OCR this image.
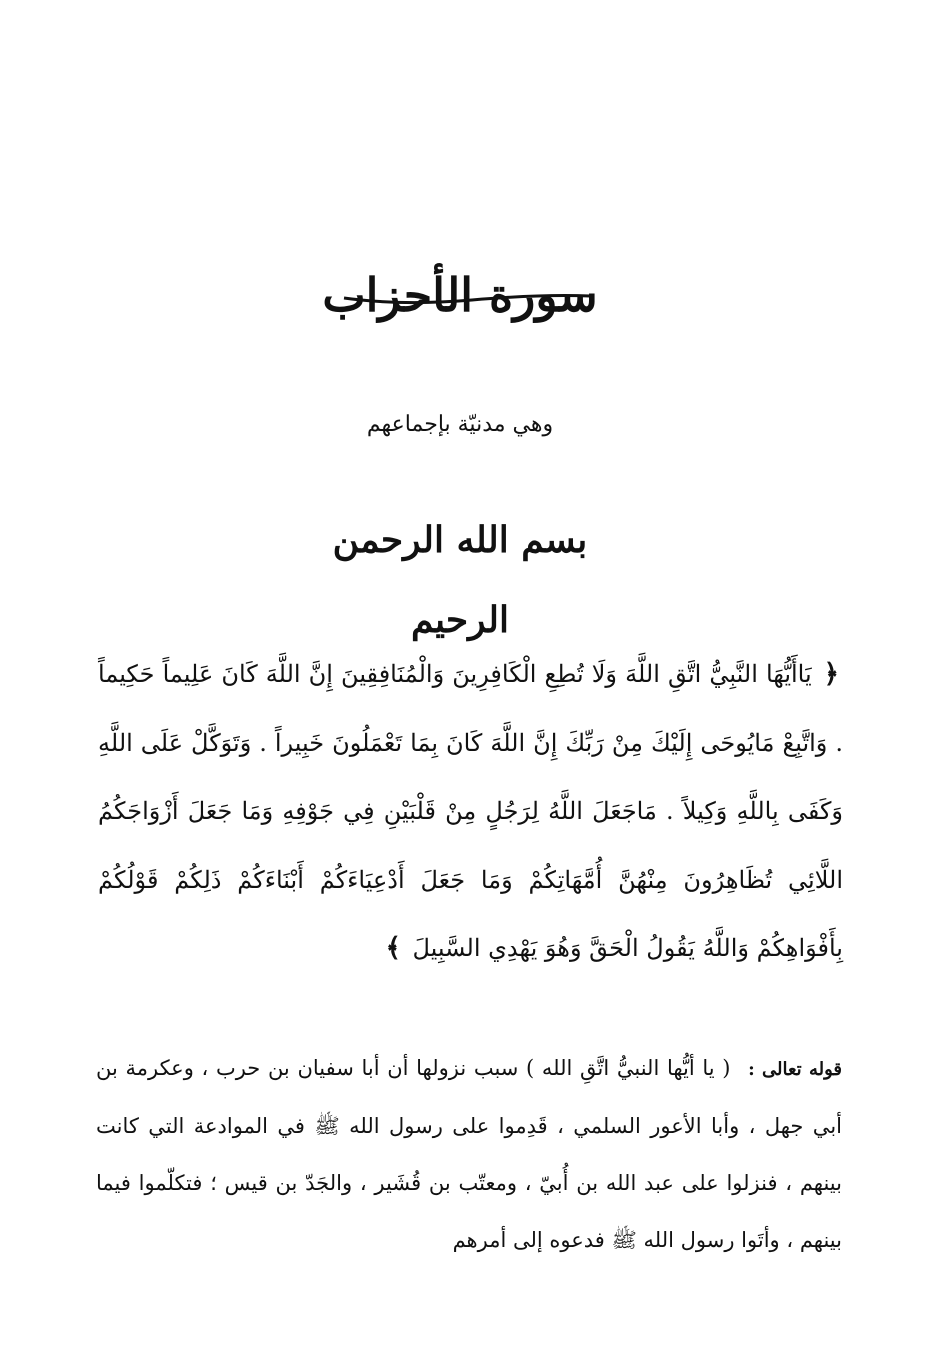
سورة الأحزاب
وهي مدنيّة بإجماعهم
بسم الله الرحمن الرحيم
﴿ يَاأَيُّهَا النَّبِيُّ اتَّقِ اللَّهَ وَلَا تُطِعِ الْكَافِرِينَ وَالْمُنَافِقِينَ إِنَّ اللَّهَ كَانَ عَلِيماً حَكِيماً . وَاتَّبِعْ مَايُوحَى إِلَيْكَ مِنْ رَبِّكَ إِنَّ اللَّهَ كَانَ بِمَا تَعْمَلُونَ خَبِيراً . وَتَوَكَّلْ عَلَى اللَّهِ وَكَفَى بِاللَّهِ وَكِيلاً . مَاجَعَلَ اللَّهُ لِرَجُلٍ مِنْ قَلْبَيْنِ فِي جَوْفِهِ وَمَا جَعَلَ أَزْوَاجَكُمُ اللَّائِي تُظَاهِرُونَ مِنْهُنَّ أُمَّهَاتِكُمْ وَمَا جَعَلَ أَدْعِيَاءَكُمْ أَبْنَاءَكُمْ ذَلِكُمْ قَوْلُكُمْ بِأَفْوَاهِكُمْ وَاللَّهُ يَقُولُ الْحَقَّ وَهُوَ يَهْدِي السَّبِيلَ ﴾
قوله تعالى : ( يا أيُّها النبيُّ اتَّقِ الله ) سبب نزولها أن أبا سفيان بن حرب ، وعكرمة بن أبي جهل ، وأبا الأعور السلمي ، قَدِموا على رسول الله ﷺ في الموادعة التي كانت بينهم ، فنزلوا على عبد الله بن أُبيّ ، ومعتّب بن قُشَير ، والجَدّ بن قيس ؛ فتكلّموا فيما بينهم ، وأتَوا رسول الله ﷺ فدعوه إلى أمرهم
